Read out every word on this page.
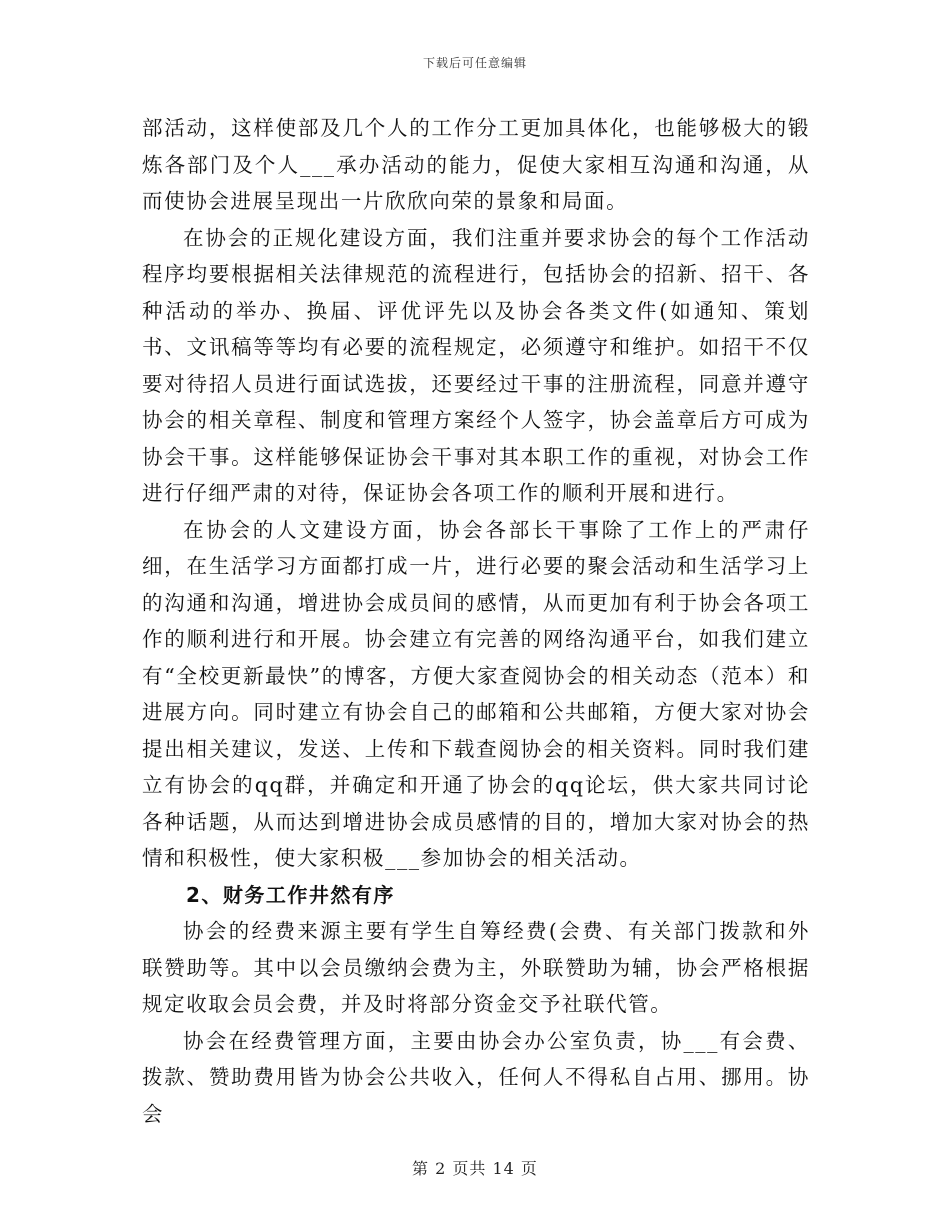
下载后可任意编辑

部活动，这样使部及几个人的工作分工更加具体化，也能够极大的锻炼各部门及个人___承办活动的能力，促使大家相互沟通和沟通，从而使协会进展呈现出一片欣欣向荣的景象和局面。

在协会的正规化建设方面，我们注重并要求协会的每个工作活动程序均要根据相关法律规范的流程进行，包括协会的招新、招干、各种活动的举办、换届、评优评先以及协会各类文件(如通知、策划书、文讯稿等等均有必要的流程规定，必须遵守和维护。如招干不仅要对待招人员进行面试选拔，还要经过干事的注册流程，同意并遵守协会的相关章程、制度和管理方案经个人签字，协会盖章后方可成为协会干事。这样能够保证协会干事对其本职工作的重视，对协会工作进行仔细严肃的对待，保证协会各项工作的顺利开展和进行。

在协会的人文建设方面，协会各部长干事除了工作上的严肃仔细，在生活学习方面都打成一片，进行必要的聚会活动和生活学习上的沟通和沟通，增进协会成员间的感情，从而更加有利于协会各项工作的顺利进行和开展。协会建立有完善的网络沟通平台，如我们建立有“全校更新最快”的博客，方便大家查阅协会的相关动态（范本）和进展方向。同时建立有协会自己的邮箱和公共邮箱，方便大家对协会提出相关建议，发送、上传和下载查阅协会的相关资料。同时我们建立有协会的qq群，并确定和开通了协会的qq论坛，供大家共同讨论各种话题，从而达到增进协会成员感情的目的，增加大家对协会的热情和积极性，使大家积极___参加协会的相关活动。

2、财务工作井然有序

协会的经费来源主要有学生自筹经费(会费、有关部门拨款和外联赞助等。其中以会员缴纳会费为主，外联赞助为辅，协会严格根据规定收取会员会费，并及时将部分资金交予社联代管。

协会在经费管理方面，主要由协会办公室负责，协___有会费、拨款、赞助费用皆为协会公共收入，任何人不得私自占用、挪用。协会

第 2 页共 14 页
